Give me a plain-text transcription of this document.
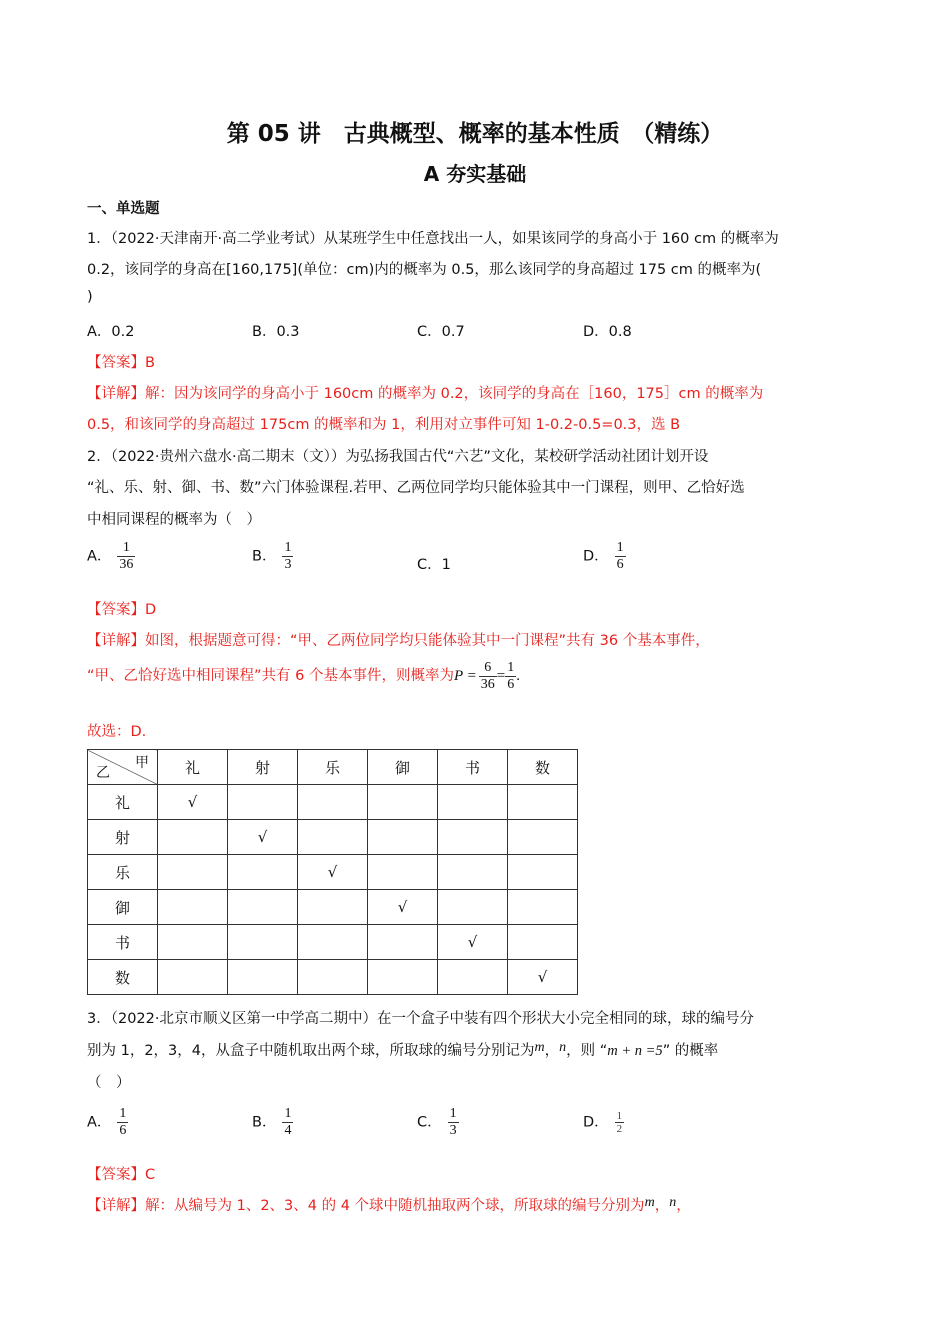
第 05 讲　古典概型、概率的基本性质　（精练）
A 夯实基础
一、单选题
1．（2022·天津南开·高二学业考试）从某班学生中任意找出一人，如果该同学的身高小于 160 cm 的概率为
0.2，该同学的身高在[160,175](单位：cm)内的概率为 0.5，那么该同学的身高超过 175 cm 的概率为(
)
A．0.2	B．0.3	C．0.7	D．0.8
【答案】B
【详解】解：因为该同学的身高小于 160cm 的概率为 0.2，该同学的身高在［160，175］cm 的概率为
0.5，和该同学的身高超过 175cm 的概率和为 1，利用对立事件可知 1-0.2-0.5=0.3，选 B
2．（2022·贵州六盘水·高二期末（文））为弘扬我国古代“六艺”文化，某校研学活动社团计划开设
“礼、乐、射、御、书、数”六门体验课程.若甲、乙两位同学均只能体验其中一门课程，则甲、乙恰好选
中相同课程的概率为（　）
A． $\frac{1}{36}$	B． $\frac{1}{3}$	C．1
D． $\frac{1}{6}$
【答案】D
【详解】如图，根据题意可得：“甲、乙两位同学均只能体验其中一门课程”共有 36 个基本事件，
“甲、乙恰好选中相同课程”共有 6 个基本事件，则概率为$P = \frac{6}{36} = \frac{1}{6}$ .
故选：D.
甲
乙	礼	射	乐	御	书	数
礼	√					
射		√				
乐			√			
御				√		
书					√	
数						√
3．（2022·北京市顺义区第一中学高二期中）在一个盒子中装有四个形状大小完全相同的球，球的编号分
别为 1，2，3，4，从盒子中随机取出两个球，所取球的编号分别记为m，n，则 “m + n =5” 的概率
（　）
A． $\frac{1}{6}$	B． $\frac{1}{4}$	C． $\frac{1}{3}$	D． $\frac{1}{2}$
【答案】C
【详解】解：从编号为 1、2、3、4 的 4 个球中随机抽取两个球，所取球的编号分别为m，n，
